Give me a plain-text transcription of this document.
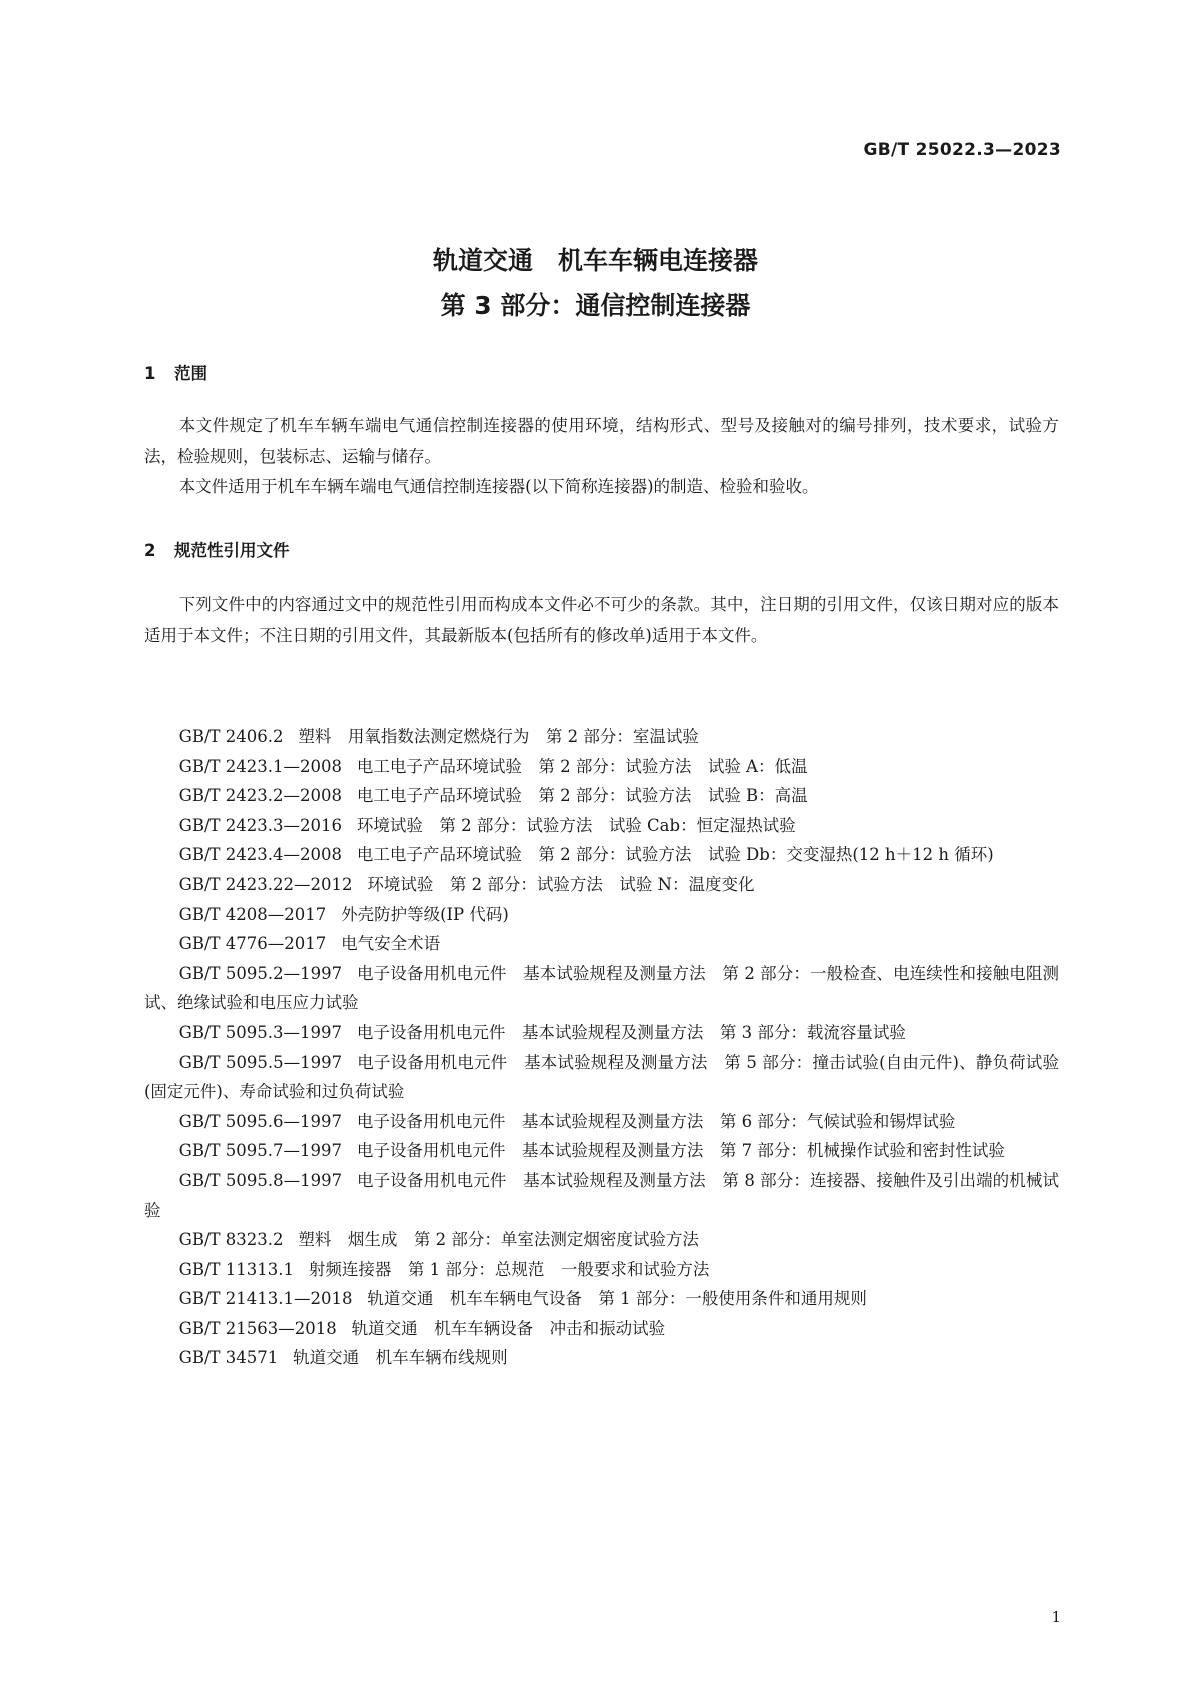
GB/T 25022.3—2023
轨道交通　机车车辆电连接器
第 3 部分：通信控制连接器
1 范围

本文件规定了机车车辆车端电气通信控制连接器的使用环境，结构形式、型号及接触对的编号排列，技术要求，试验方法，检验规则，包装标志、运输与储存。

本文件适用于机车车辆车端电气通信控制连接器(以下简称连接器)的制造、检验和验收。

2 规范性引用文件

下列文件中的内容通过文中的规范性引用而构成本文件必不可少的条款。其中，注日期的引用文件，仅该日期对应的版本适用于本文件；不注日期的引用文件，其最新版本(包括所有的修改单)适用于本文件。

GB/T 2406.2 塑料　用氧指数法测定燃烧行为　第 2 部分：室温试验
GB/T 2423.1—2008 电工电子产品环境试验　第 2 部分：试验方法　试验 A：低温
GB/T 2423.2—2008 电工电子产品环境试验　第 2 部分：试验方法　试验 B：高温
GB/T 2423.3—2016 环境试验　第 2 部分：试验方法　试验 Cab：恒定湿热试验
GB/T 2423.4—2008 电工电子产品环境试验　第 2 部分：试验方法　试验 Db：交变湿热(12 h＋12 h 循环)
GB/T 2423.22—2012 环境试验　第 2 部分：试验方法　试验 N：温度变化
GB/T 4208—2017 外壳防护等级(IP 代码)
GB/T 4776—2017 电气安全术语
GB/T 5095.2—1997 电子设备用机电元件　基本试验规程及测量方法　第 2 部分：一般检查、电连续性和接触电阻测试、绝缘试验和电压应力试验
GB/T 5095.3—1997 电子设备用机电元件　基本试验规程及测量方法　第 3 部分：载流容量试验
GB/T 5095.5—1997 电子设备用机电元件　基本试验规程及测量方法　第 5 部分：撞击试验(自由元件)、静负荷试验(固定元件)、寿命试验和过负荷试验
GB/T 5095.6—1997 电子设备用机电元件　基本试验规程及测量方法　第 6 部分：气候试验和锡焊试验
GB/T 5095.7—1997 电子设备用机电元件　基本试验规程及测量方法　第 7 部分：机械操作试验和密封性试验
GB/T 5095.8—1997 电子设备用机电元件　基本试验规程及测量方法　第 8 部分：连接器、接触件及引出端的机械试验
GB/T 8323.2 塑料　烟生成　第 2 部分：单室法测定烟密度试验方法
GB/T 11313.1 射频连接器　第 1 部分：总规范　一般要求和试验方法
GB/T 21413.1—2018 轨道交通　机车车辆电气设备　第 1 部分：一般使用条件和通用规则
GB/T 21563—2018 轨道交通　机车车辆设备　冲击和振动试验
GB/T 34571 轨道交通　机车车辆布线规则
1
